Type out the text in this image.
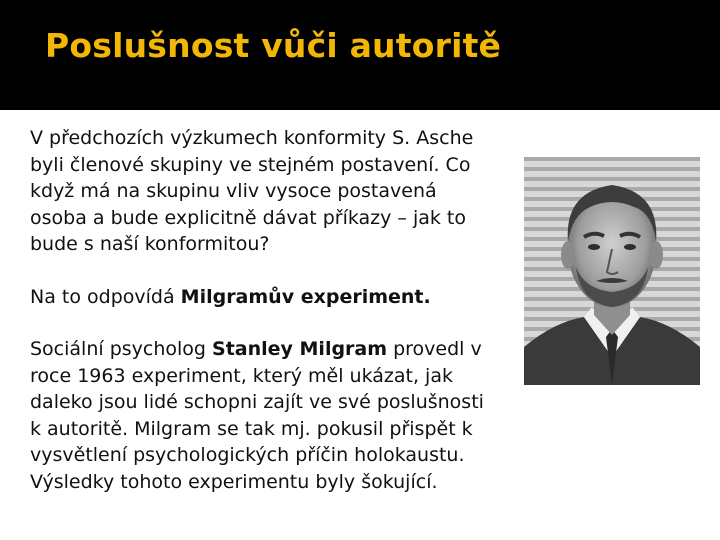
Poslušnost vůči autoritě
V předchozích výzkumech konformity S. Asche
byli členové skupiny ve stejném postavení. Co
když má na skupinu vliv vysoce postavená
osoba a bude explicitně dávat příkazy – jak to
bude s naší konformitou?
Na to odpovídá Milgramův experiment.
Sociální psycholog Stanley Milgram provedl v
roce 1963 experiment, který měl ukázat, jak
daleko jsou lidé schopni zajít ve své poslušnosti
k autoritě. Milgram se tak mj. pokusil přispět k
vysvětlení psychologických příčin holokaustu.
Výsledky tohoto experimentu byly šokující.
